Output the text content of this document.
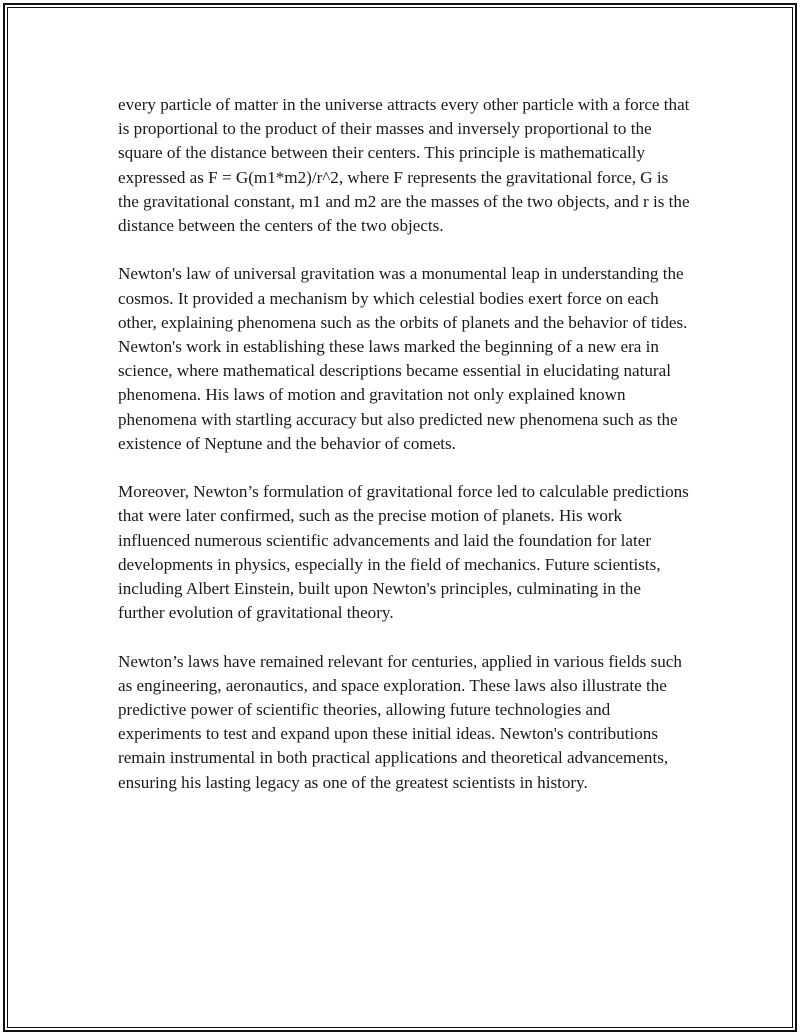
every particle of matter in the universe attracts every other particle with a force that is proportional to the product of their masses and inversely proportional to the square of the distance between their centers. This principle is mathematically expressed as F = G(m1*m2)/r^2, where F represents the gravitational force, G is the gravitational constant, m1 and m2 are the masses of the two objects, and r is the distance between the centers of the two objects.

Newton's law of universal gravitation was a monumental leap in understanding the cosmos. It provided a mechanism by which celestial bodies exert force on each other, explaining phenomena such as the orbits of planets and the behavior of tides. Newton's work in establishing these laws marked the beginning of a new era in science, where mathematical descriptions became essential in elucidating natural phenomena. His laws of motion and gravitation not only explained known phenomena with startling accuracy but also predicted new phenomena such as the existence of Neptune and the behavior of comets.

Moreover, Newton’s formulation of gravitational force led to calculable predictions that were later confirmed, such as the precise motion of planets. His work influenced numerous scientific advancements and laid the foundation for later developments in physics, especially in the field of mechanics. Future scientists, including Albert Einstein, built upon Newton's principles, culminating in the further evolution of gravitational theory.

Newton’s laws have remained relevant for centuries, applied in various fields such as engineering, aeronautics, and space exploration. These laws also illustrate the predictive power of scientific theories, allowing future technologies and experiments to test and expand upon these initial ideas. Newton's contributions remain instrumental in both practical applications and theoretical advancements, ensuring his lasting legacy as one of the greatest scientists in history.
